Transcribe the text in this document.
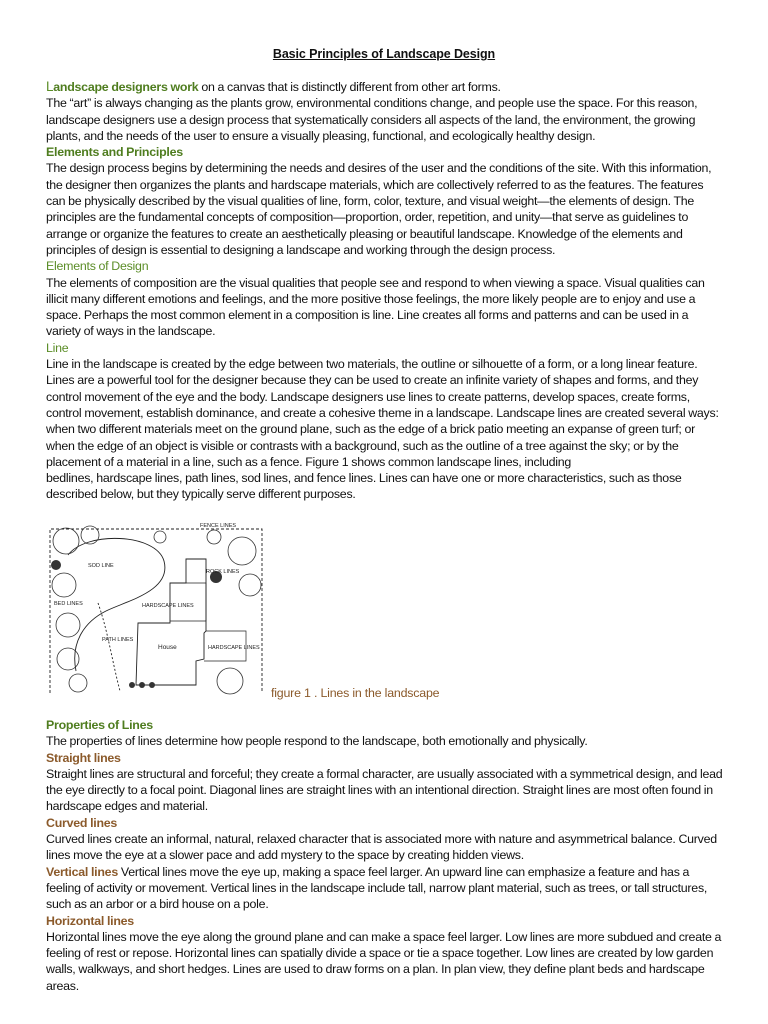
Basic Principles of Landscape Design

Landscape designers work on a canvas that is distinctly different from other art forms.

The “art” is always changing as the plants grow, environmental conditions change, and people use the space. For this reason, landscape designers use a design process that systematically considers all aspects of the land, the environment, the growing plants, and the needs of the user to ensure a visually pleasing, functional, and ecologically healthy design.

Elements and Principles

The design process begins by determining the needs and desires of the user and the conditions of the site. With this information, the designer then organizes the plants and hardscape materials, which are collectively referred to as the features. The features can be physically described by the visual qualities of line, form, color, texture, and visual weight—the elements of design. The principles are the fundamental concepts of composition—proportion, order, repetition, and unity—that serve as guidelines to arrange or organize the features to create an aesthetically pleasing or beautiful landscape. Knowledge of the elements and principles of design is essential to designing a landscape and working through the design process.

Elements of Design

The elements of composition are the visual qualities that people see and respond to when viewing a space. Visual qualities can illicit many different emotions and feelings, and the more positive those feelings, the more likely people are to enjoy and use a space. Perhaps the most common element in a composition is line. Line creates all forms and patterns and can be used in a variety of ways in the landscape.

Line

Line in the landscape is created by the edge between two materials, the outline or silhouette of a form, or a long linear feature. Lines are a powerful tool for the designer because they can be used to create an infinite variety of shapes and forms, and they control movement of the eye and the body. Landscape designers use lines to create patterns, develop spaces, create forms, control movement, establish dominance, and create a cohesive theme in a landscape. Landscape lines are created several ways: when two different materials meet on the ground plane, such as the edge of a brick patio meeting an expanse of green turf; or when the edge of an object is visible or contrasts with a background, such as the outline of a tree against the sky; or by the placement of a material in a line, such as a fence. Figure 1 shows common landscape lines, including

bedlines, hardscape lines, path lines, sod lines, and fence lines. Lines can have one or more characteristics, such as those described below, but they typically serve different purposes.

FENCE LINES
SOD LINE
ROCK LINES
HARDSCAPE LINES
BED LINES
PATH LINES
House	HARDSCAPE LINES
figure 1 . Lines in the landscape

Properties of Lines

The properties of lines determine how people respond to the landscape, both emotionally and physically.

Straight lines

Straight lines are structural and forceful; they create a formal character, are usually associated with a symmetrical design, and lead the eye directly to a focal point. Diagonal lines are straight lines with an intentional direction. Straight lines are most often found in hardscape edges and material.

Curved lines

Curved lines create an informal, natural, relaxed character that is associated more with nature and asymmetrical balance. Curved lines move the eye at a slower pace and add mystery to the space by creating hidden views.

Vertical lines Vertical lines move the eye up, making a space feel larger. An upward line can emphasize a feature and has a feeling of activity or movement. Vertical lines in the landscape include tall, narrow plant material, such as trees, or tall structures, such as an arbor or a bird house on a pole.

Horizontal lines

Horizontal lines move the eye along the ground plane and can make a space feel larger. Low lines are more subdued and create a feeling of rest or repose. Horizontal lines can spatially divide a space or tie a space together. Low lines are created by low garden walls, walkways, and short hedges. Lines are used to draw forms on a plan. In plan view, they define plant beds and hardscape areas.
